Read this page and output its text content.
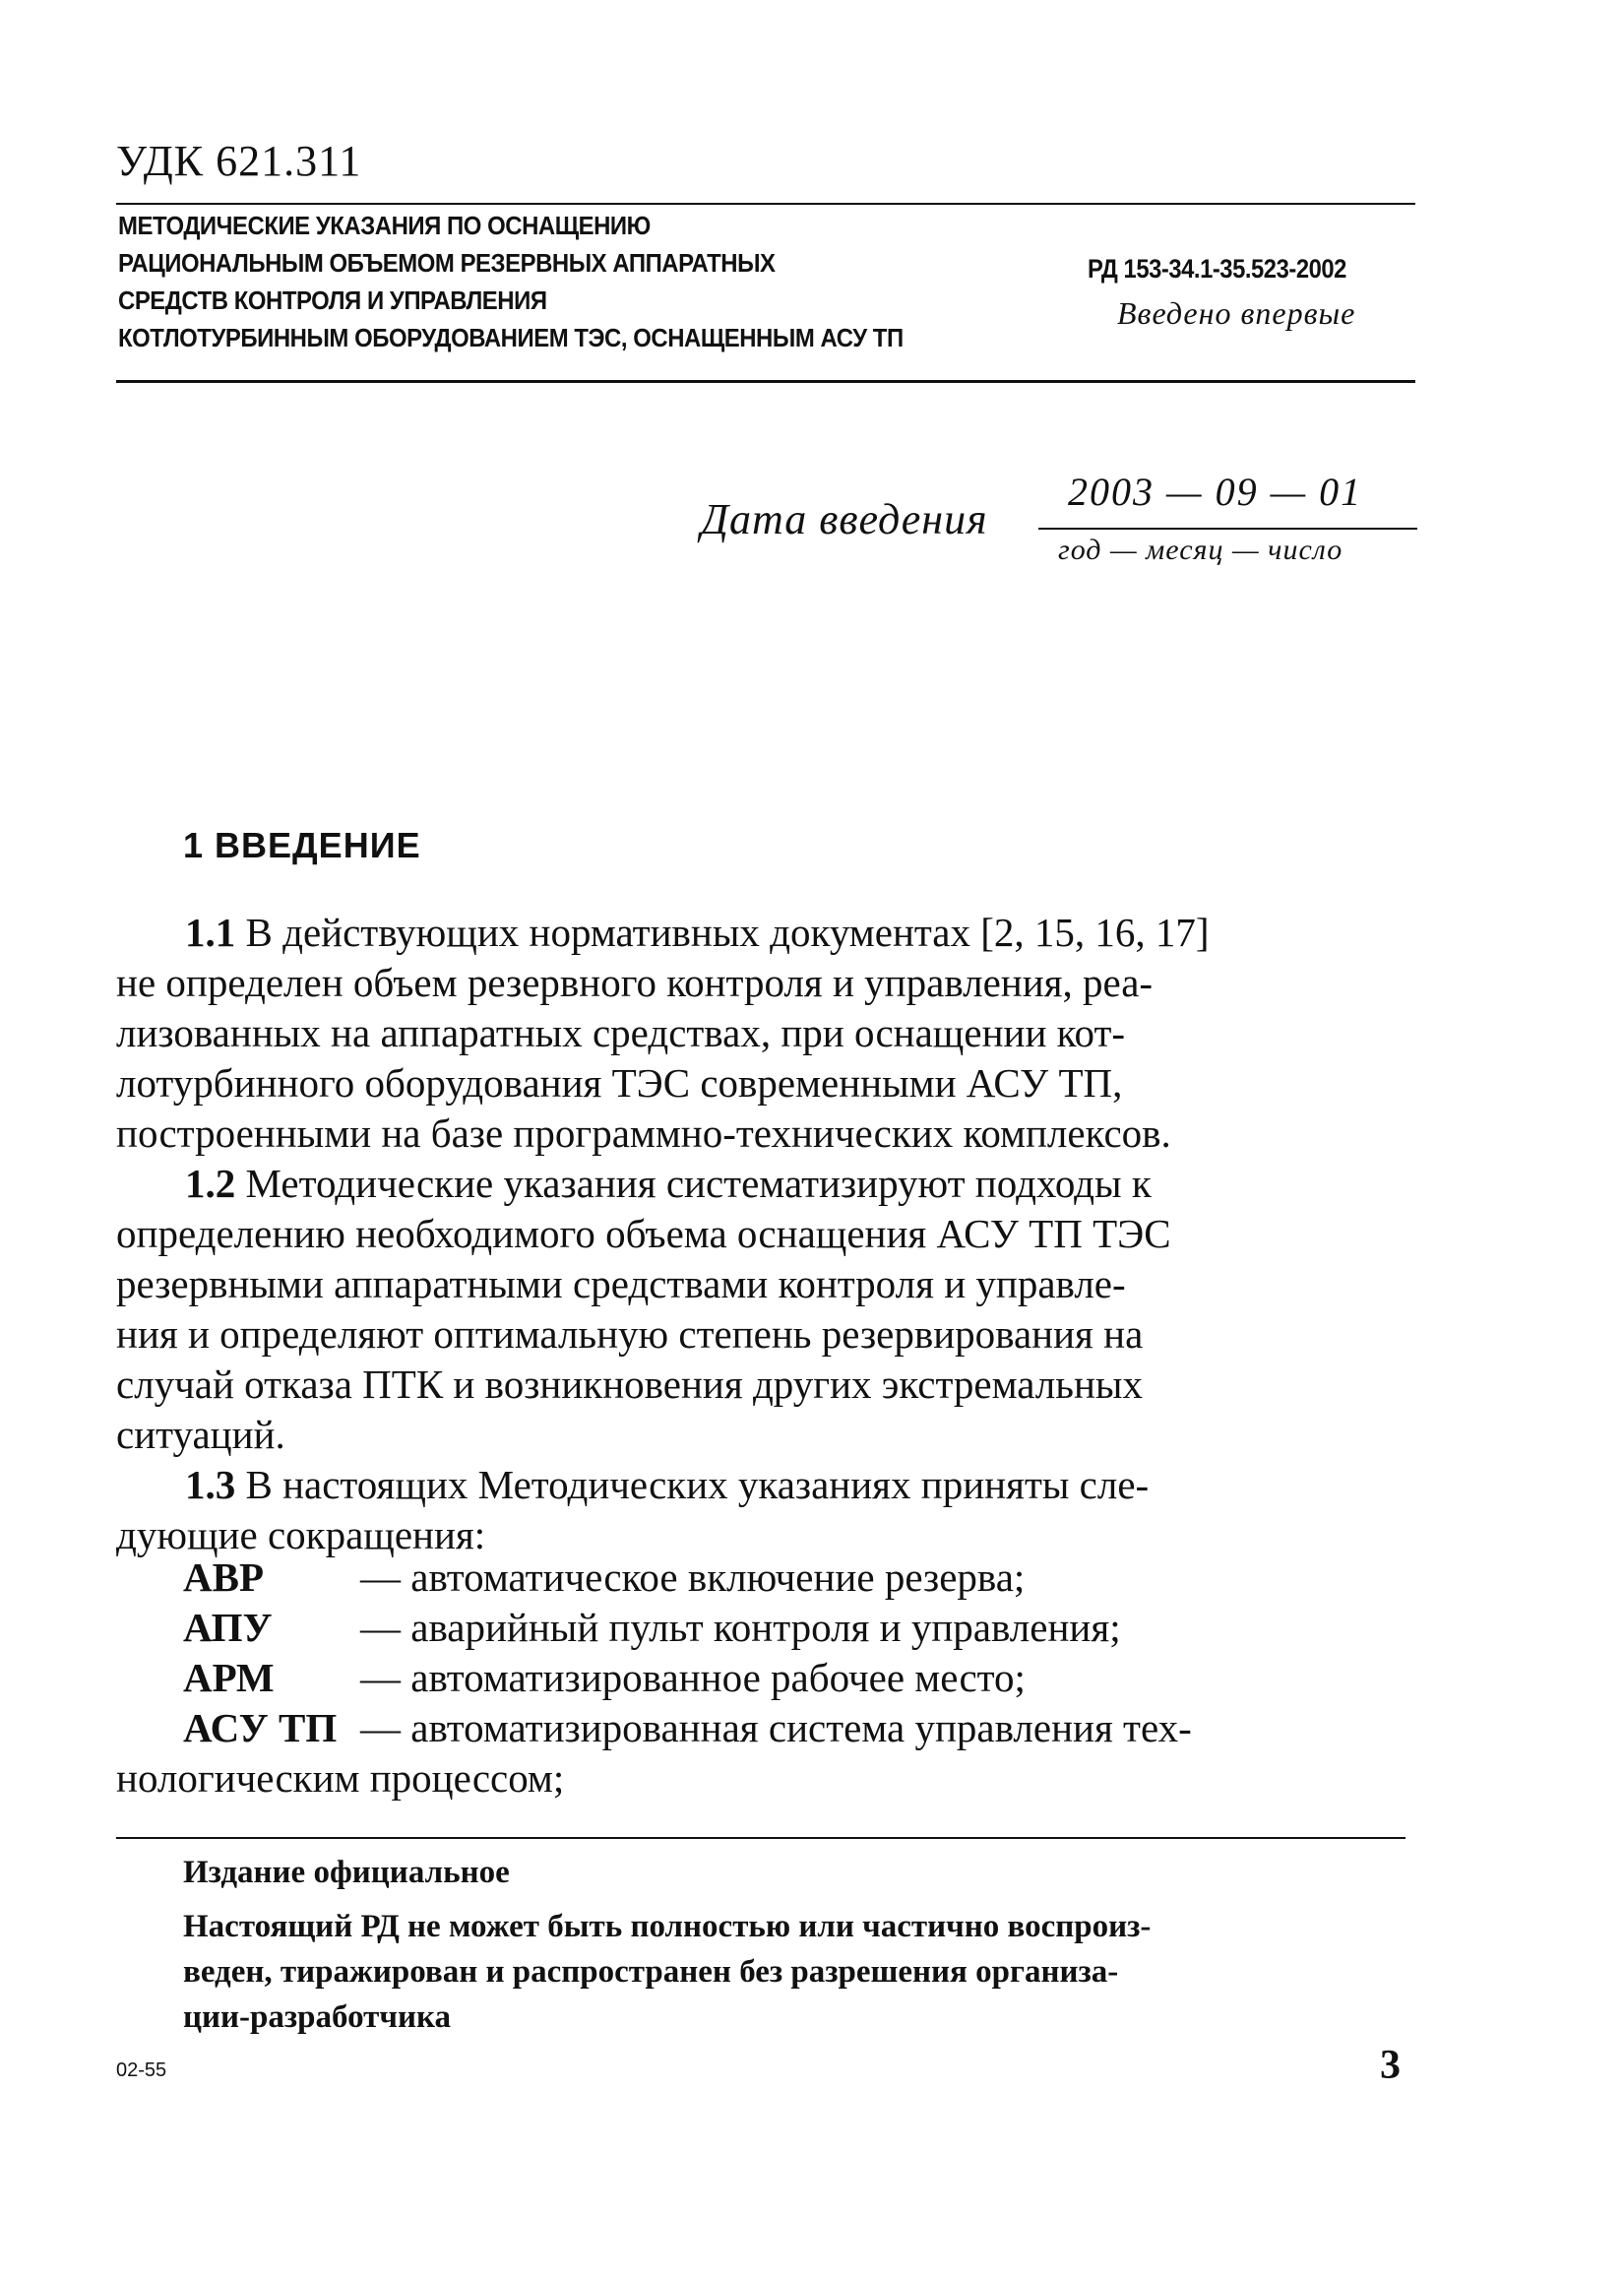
УДК 621.311
МЕТОДИЧЕСКИЕ УКАЗАНИЯ ПО ОСНАЩЕНИЮ
РАЦИОНАЛЬНЫМ ОБЪЕМОМ РЕЗЕРВНЫХ АППАРАТНЫХ
СРЕДСТВ КОНТРОЛЯ И УПРАВЛЕНИЯ
КОТЛОТУРБИННЫМ ОБОРУДОВАНИЕМ ТЭС, ОСНАЩЕННЫМ АСУ ТП
РД 153-34.1-35.523-2002
Введено впервые
Дата введения
2003 — 09 — 01
год — месяц — число
1 ВВЕДЕНИЕ
1.1 В действующих нормативных документах [2, 15, 16, 17]
не определен объем резервного контроля и управления, реа-
лизованных на аппаратных средствах, при оснащении кот-
лотурбинного оборудования ТЭС современными АСУ ТП,
построенными на базе программно-технических комплексов.
1.2 Методические указания систематизируют подходы к
определению необходимого объема оснащения АСУ ТП ТЭС
резервными аппаратными средствами контроля и управле-
ния и определяют оптимальную степень резервирования на
случай отказа ПТК и возникновения других экстремальных
ситуаций.
1.3 В настоящих Методических указаниях приняты сле-
дующие сокращения:
АВР — автоматическое включение резерва;
АПУ — аварийный пульт контроля и управления;
АРМ — автоматизированное рабочее место;
АСУ ТП — автоматизированная система управления тех-
нологическим процессом;
Издание официальное
Настоящий РД не может быть полностью или частично воспроиз-
веден, тиражирован и распространен без разрешения организа-
ции-разработчика
02-55	3
